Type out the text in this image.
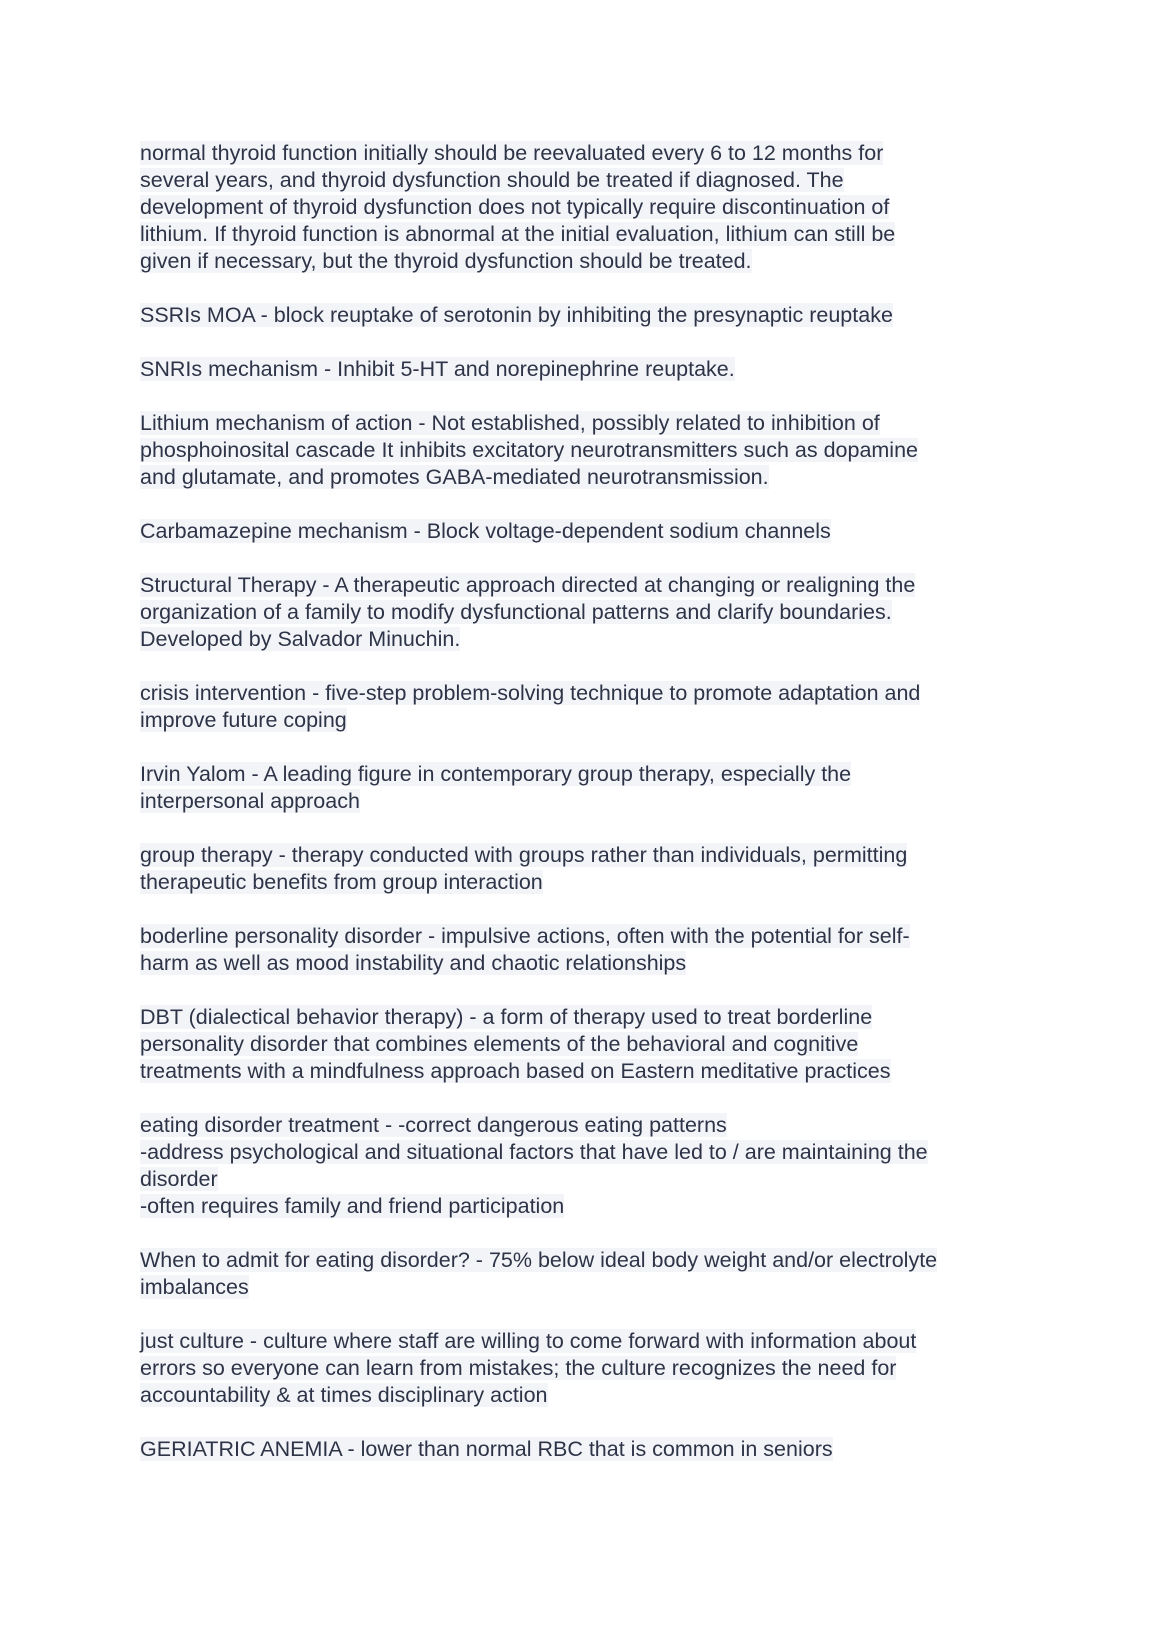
normal thyroid function initially should be reevaluated every 6 to 12 months for
several years, and thyroid dysfunction should be treated if diagnosed. The
development of thyroid dysfunction does not typically require discontinuation of
lithium. If thyroid function is abnormal at the initial evaluation, lithium can still be
given if necessary, but the thyroid dysfunction should be treated.
SSRIs MOA - block reuptake of serotonin by inhibiting the presynaptic reuptake
SNRIs mechanism - Inhibit 5-HT and norepinephrine reuptake.
Lithium mechanism of action - Not established, possibly related to inhibition of
phosphoinosital cascade It inhibits excitatory neurotransmitters such as dopamine
and glutamate, and promotes GABA-mediated neurotransmission.
Carbamazepine mechanism - Block voltage-dependent sodium channels
Structural Therapy - A therapeutic approach directed at changing or realigning the
organization of a family to modify dysfunctional patterns and clarify boundaries.
Developed by Salvador Minuchin.
crisis intervention - five-step problem-solving technique to promote adaptation and
improve future coping
Irvin Yalom - A leading figure in contemporary group therapy, especially the
interpersonal approach
group therapy - therapy conducted with groups rather than individuals, permitting
therapeutic benefits from group interaction
boderline personality disorder - impulsive actions, often with the potential for self-
harm as well as mood instability and chaotic relationships
DBT (dialectical behavior therapy) - a form of therapy used to treat borderline
personality disorder that combines elements of the behavioral and cognitive
treatments with a mindfulness approach based on Eastern meditative practices
eating disorder treatment - -correct dangerous eating patterns
-address psychological and situational factors that have led to / are maintaining the
disorder
-often requires family and friend participation
When to admit for eating disorder? - 75% below ideal body weight and/or electrolyte
imbalances
just culture - culture where staff are willing to come forward with information about
errors so everyone can learn from mistakes; the culture recognizes the need for
accountability & at times disciplinary action
GERIATRIC ANEMIA - lower than normal RBC that is common in seniors
